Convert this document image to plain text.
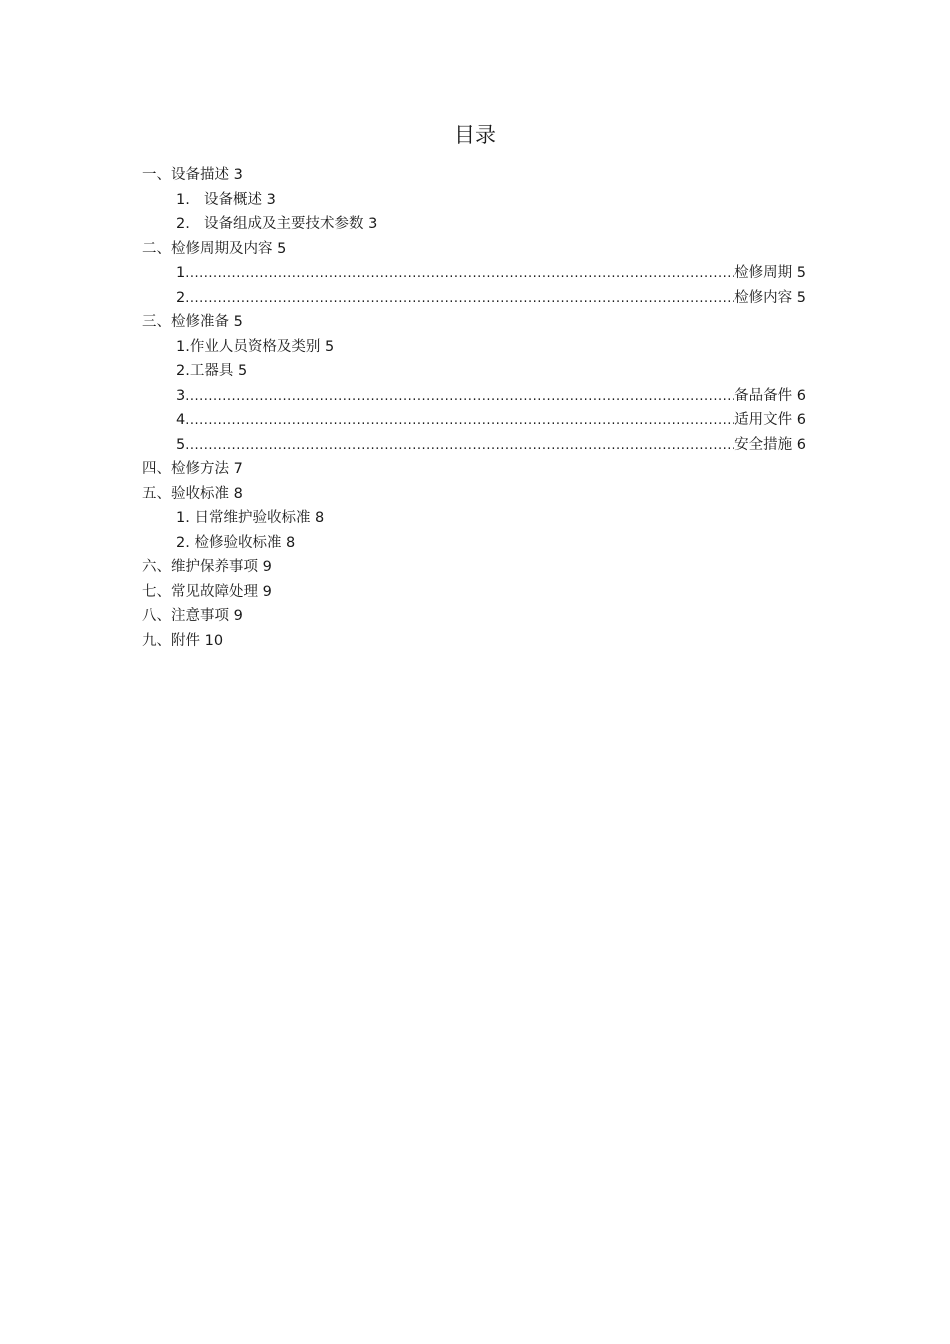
目录
一、设备描述 3
1. 设备概述 3
2. 设备组成及主要技术参数 3
二、检修周期及内容 5
1 .....	检修周期 5
2 .....	检修内容 5
三、检修准备 5
1.作业人员资格及类别 5
2.工器具 5
3 .....	备品备件 6
4 .....	适用文件 6
5 .....	安全措施 6
四、检修方法 7
五、验收标准 8
1. 日常维护验收标准 8
2. 检修验收标准 8
六、维护保养事项 9
七、常见故障处理 9
八、注意事项 9
九、附件 10
